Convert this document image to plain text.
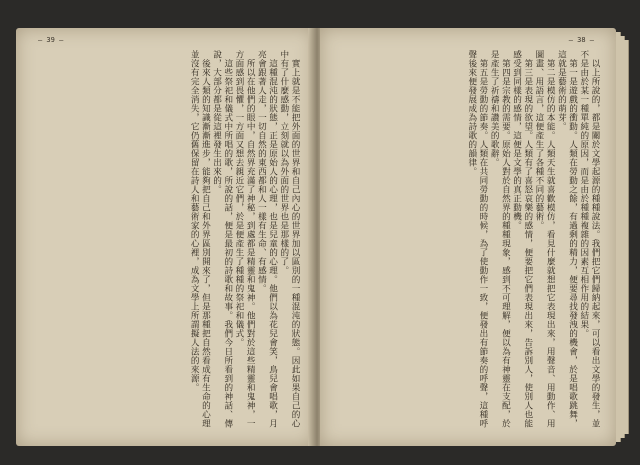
— 39 —

實上就是不能把外面的世界和自己內心的世界加以區別的一種混沌的狀態。因此如果自己的心中有了什麼感動，立刻就以為外面的世界也是那樣的了。

這種混沌的狀態，正是原始人的心理，也是兒童的心理。他們以為花兒會笑，鳥兒會唱歌，月亮會跟著人走，一切自然的東西都和人一樣有生命、有感情。

所以在他們的眼中，自然界充滿了神秘，到處都是精靈和鬼神。他們對於這些精靈和鬼神，一方面感到畏懼，一方面又想去親近它們，於是便產生了種種的祭祀和儀式。

這些祭祀和儀式中所唱的歌，所說的話，便是最初的詩歌和故事。我們今日所看到的神話、傳說，大部分都是從這裡發生出來的。

後來人類的知識漸漸進步，能夠把自己和外界區別開來了，但是那種把自然看成有生命的心理並沒有完全消失，它仍舊保留在詩人和藝術家的心裡，成為文學上所謂擬人法的來源。

— 38 —

以上所說的，都是關於文學起源的種種說法。我們把它們歸納起來，可以看出文學的發生，並不是由於某一種單純的原因，而是由於種種複雜的因素互相作用的結果。

第一是遊戲的衝動。人類在勞動之餘，有過剩的精力，便要尋找發洩的機會，於是唱歌跳舞，這就是藝術的萌芽。

第二是模仿的本能。人類天生就喜歡模仿，看見什麼就想把它表現出來，用聲音、用動作、用圖畫、用語言，這便產生了各種不同的藝術。

第三是表現的欲望。人類有了喜怒哀樂的感情，便要把它們表現出來，告訴別人，使別人也能感受到同樣的感情，這便是文學的真正動機。

第四是宗教的需要。原始人對於自然界的種種現象，感到不可理解，便以為有神靈在支配，於是產生了祈禱和讚美的歌辭。

第五是勞動的節奏。人類在共同勞動的時候，為了使動作一致，便發出有節奏的呼聲，這種呼聲後來便發展成為詩歌的韻律。
